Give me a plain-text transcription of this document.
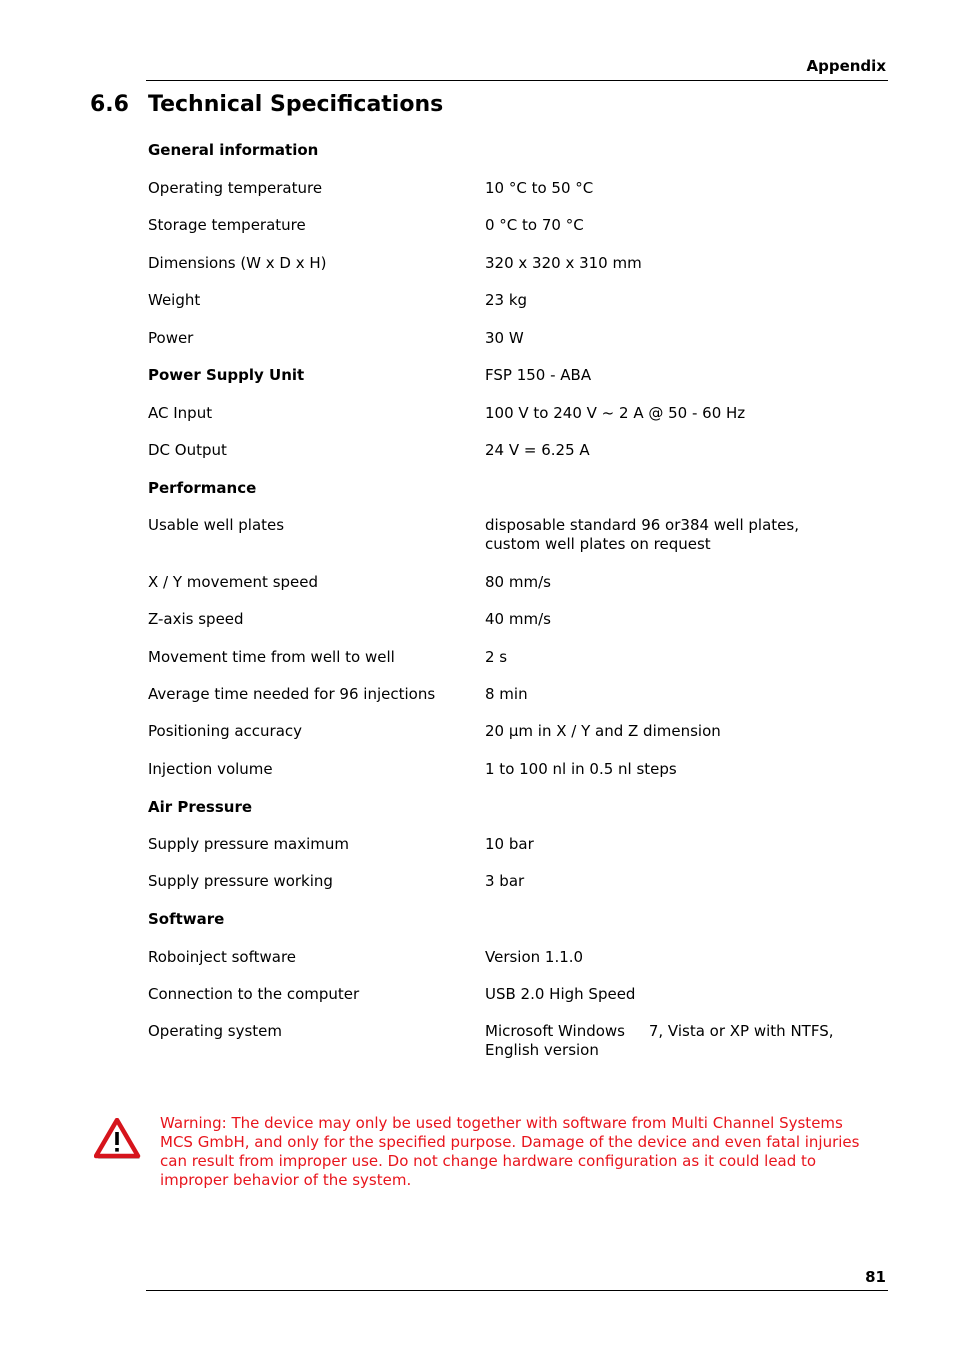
Appendix
6.6 Technical Specifications
General information
Operating temperature	10 °C to 50 °C
Storage temperature	0 °C to 70 °C
Dimensions (W x D x H)	320 x 320 x 310 mm
Weight	23 kg
Power	30 W
Power Supply Unit	FSP 150 - ABA
AC Input	100 V to 240 V ~ 2 A @ 50 - 60 Hz
DC Output	24 V = 6.25 A
Performance
Usable well plates	disposable standard 96 or384 well plates, custom well plates on request
X / Y movement speed	80 mm/s
Z-axis speed	40 mm/s
Movement time from well to well	2 s
Average time needed for 96 injections	8 min
Positioning accuracy	20 µm in X / Y and Z dimension
Injection volume	1 to 100 nl in 0.5 nl steps
Air Pressure
Supply pressure maximum	10 bar
Supply pressure working	3 bar
Software
Roboinject software	Version 1.1.0
Connection to the computer	USB 2.0 High Speed
Operating system	Microsoft Windows     7, Vista or XP with NTFS, English version
Warning: The device may only be used together with software from Multi Channel Systems MCS GmbH, and only for the specified purpose. Damage of the device and even fatal injuries can result from improper use. Do not change hardware configuration as it could lead to improper behavior of the system.
81
